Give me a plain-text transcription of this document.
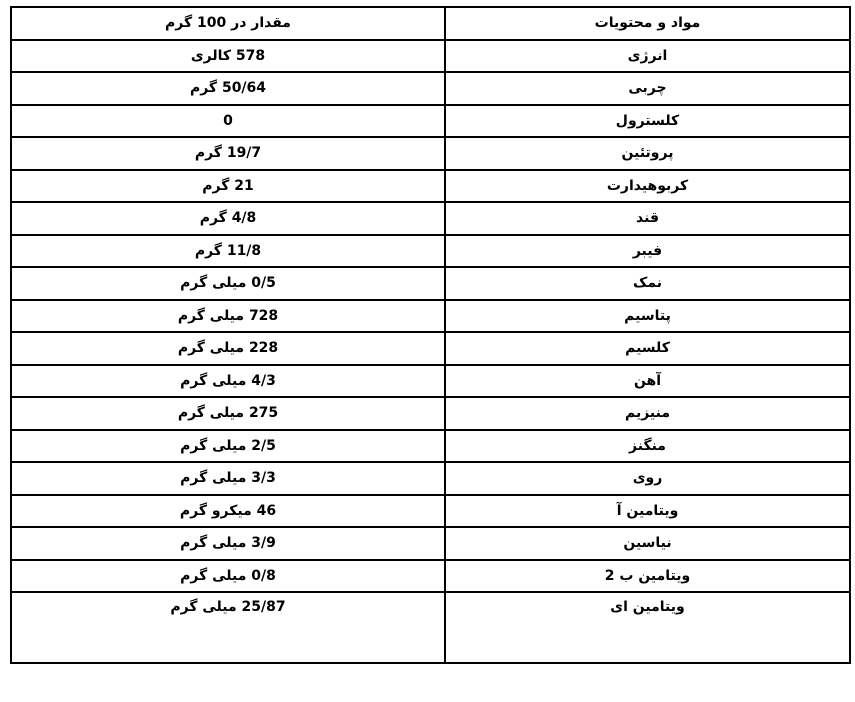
مقدار در 100 گرم	مواد و محتویات
578 کالری	انرژی
50/64 گرم	چربی
0	کلسترول
19/7 گرم	پروتئین
21 گرم	کربوهیدارت
4/8 گرم	قند
11/8 گرم	فیبر
0/5 میلی گرم	نمک
728 میلی گرم	پتاسیم
228 میلی گرم	کلسیم
4/3 میلی گرم	آهن
275 میلی گرم	منیزیم
2/5 میلی گرم	منگنز
3/3 میلی گرم	روی
46 میکرو گرم	ویتامین آ
3/9 میلی گرم	نیاسین
0/8 میلی گرم	ویتامین ب 2
25/87 میلی گرم	ویتامین ای
